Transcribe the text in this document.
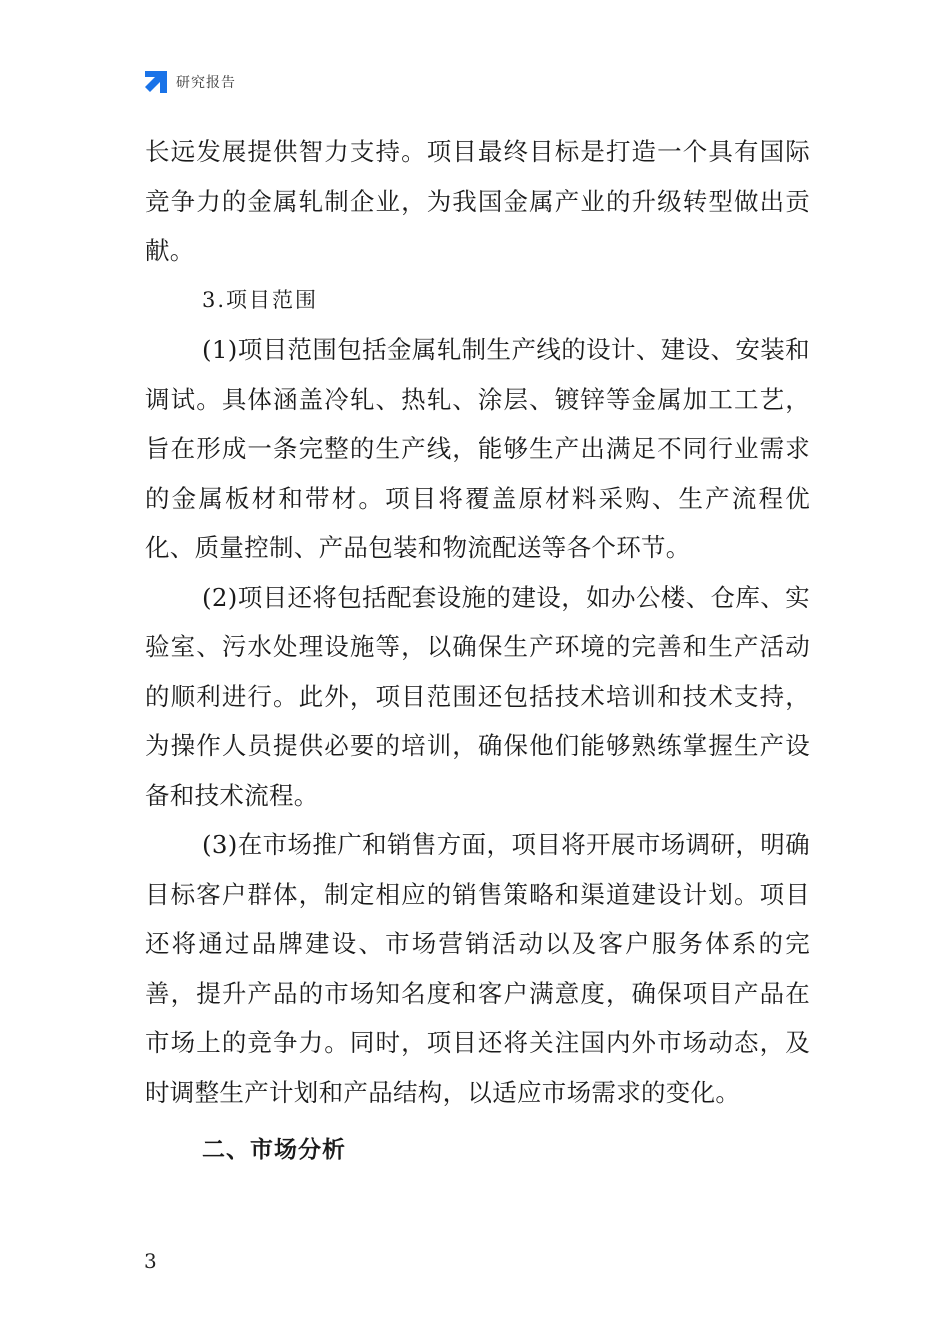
研究报告

长远发展提供智力支持。项目最终目标是打造一个具有国际竞争力的金属轧制企业，为我国金属产业的升级转型做出贡献。

3.项目范围

(1)项目范围包括金属轧制生产线的设计、建设、安装和调试。具体涵盖冷轧、热轧、涂层、镀锌等金属加工工艺，旨在形成一条完整的生产线，能够生产出满足不同行业需求的金属板材和带材。项目将覆盖原材料采购、生产流程优化、质量控制、产品包装和物流配送等各个环节。

(2)项目还将包括配套设施的建设，如办公楼、仓库、实验室、污水处理设施等，以确保生产环境的完善和生产活动的顺利进行。此外，项目范围还包括技术培训和技术支持，为操作人员提供必要的培训，确保他们能够熟练掌握生产设备和技术流程。

(3)在市场推广和销售方面，项目将开展市场调研，明确目标客户群体，制定相应的销售策略和渠道建设计划。项目还将通过品牌建设、市场营销活动以及客户服务体系的完善，提升产品的市场知名度和客户满意度，确保项目产品在市场上的竞争力。同时，项目还将关注国内外市场动态，及时调整生产计划和产品结构，以适应市场需求的变化。

二、市场分析

3
